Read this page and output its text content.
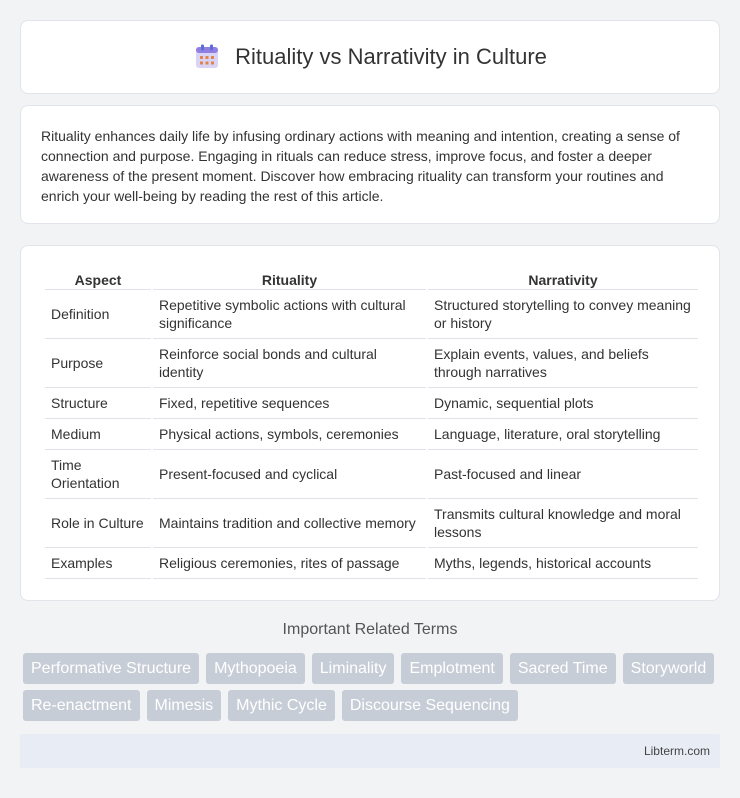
Rituality vs Narrativity in Culture

Rituality enhances daily life by infusing ordinary actions with meaning and intention, creating a sense of connection and purpose. Engaging in rituals can reduce stress, improve focus, and foster a deeper awareness of the present moment. Discover how embracing rituality can transform your routines and enrich your well-being by reading the rest of this article.

Aspect	Rituality	Narrativity
Definition	Repetitive symbolic actions with cultural significance	Structured storytelling to convey meaning or history
Purpose	Reinforce social bonds and cultural identity	Explain events, values, and beliefs through narratives
Structure	Fixed, repetitive sequences	Dynamic, sequential plots
Medium	Physical actions, symbols, ceremonies	Language, literature, oral storytelling
Time Orientation	Present-focused and cyclical	Past-focused and linear
Role in Culture	Maintains tradition and collective memory	Transmits cultural knowledge and moral lessons
Examples	Religious ceremonies, rites of passage	Myths, legends, historical accounts
Important Related Terms
Performative Structure	Mythopoeia	Liminality	Emplotment	Sacred Time	Storyworld
Re-enactment	Mimesis	Mythic Cycle	Discourse Sequencing
Libterm.com
